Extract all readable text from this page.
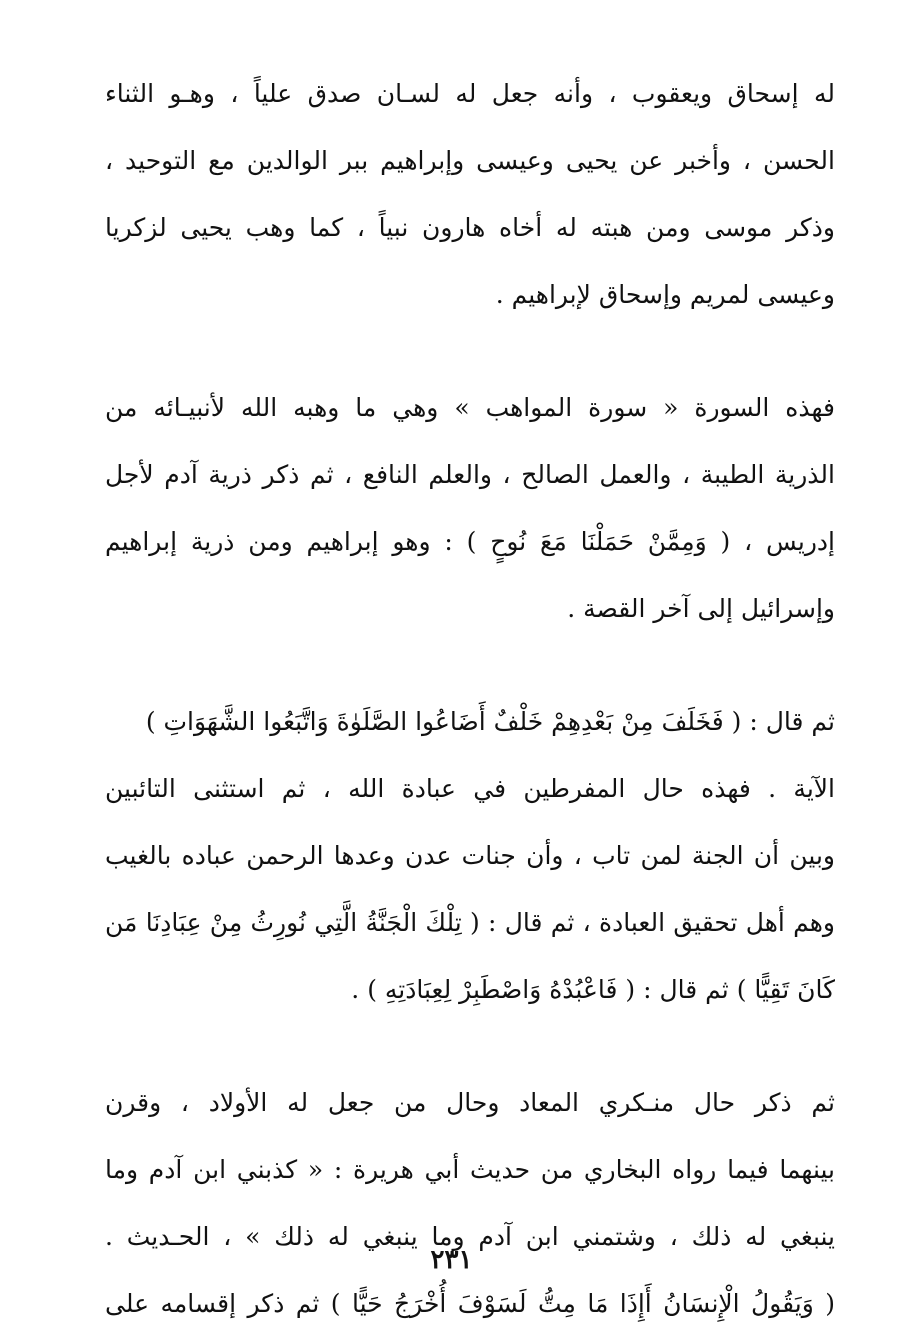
له إسحاق ويعقوب ، وأنه جعل له لسـان صدق علياً ، وهـو الثناء
الحسن ، وأخبر عن يحيى وعيسى وإبراهيم ببر الوالدين مع التوحيد ،
وذكر موسى ومن هبته له أخاه هارون نبياً ، كما وهب يحيى لزكريا
وعيسى لمريم وإسحاق لإبراهيم .
فهذه السورة « سورة المواهب » وهي ما وهبه الله لأنبيـائه من
الذرية الطيبة ، والعمل الصالح ، والعلم النافع ، ثم ذكر ذرية آدم لأجل
إدريس ، ( وَمِمَّنْ حَمَلْنَا مَعَ نُوحٍ ) : وهو إبراهيم ومن ذرية إبراهيم
وإسرائيل إلى آخر القصة .
ثم قال : ( فَخَلَفَ مِنْ بَعْدِهِمْ خَلْفٌ أَضَاعُوا الصَّلَوٰةَ وَاتَّبَعُوا الشَّهَوَاتِ )
الآية . فهذه حال المفرطين في عبادة الله ، ثم استثنى التائبين
وبين أن الجنة لمن تاب ، وأن جنات عدن وعدها الرحمن عباده بالغيب
وهم أهل تحقيق العبادة ، ثم قال : ( تِلْكَ الْجَنَّةُ الَّتِي نُورِثُ مِنْ عِبَادِنَا مَن
كَانَ تَقِيًّا ) ثم قال : ( فَاعْبُدْهُ وَاصْطَبِرْ لِعِبَادَتِهِ ) .
ثم ذكر حال منـكري المعاد وحال من جعل له الأولاد ، وقرن
بينهما فيما رواه البخاري من حديث أبي هريرة : « كذبني ابن آدم وما
ينبغي له ذلك ، وشتمني ابن آدم وما ينبغي له ذلك » ، الحـديث .
( وَيَقُولُ الْإِنسَانُ أَإِذَا مَا مِتُّ لَسَوْفَ أُخْرَجُ حَيًّا ) ثم ذكر إقسامه على
٢٣١
